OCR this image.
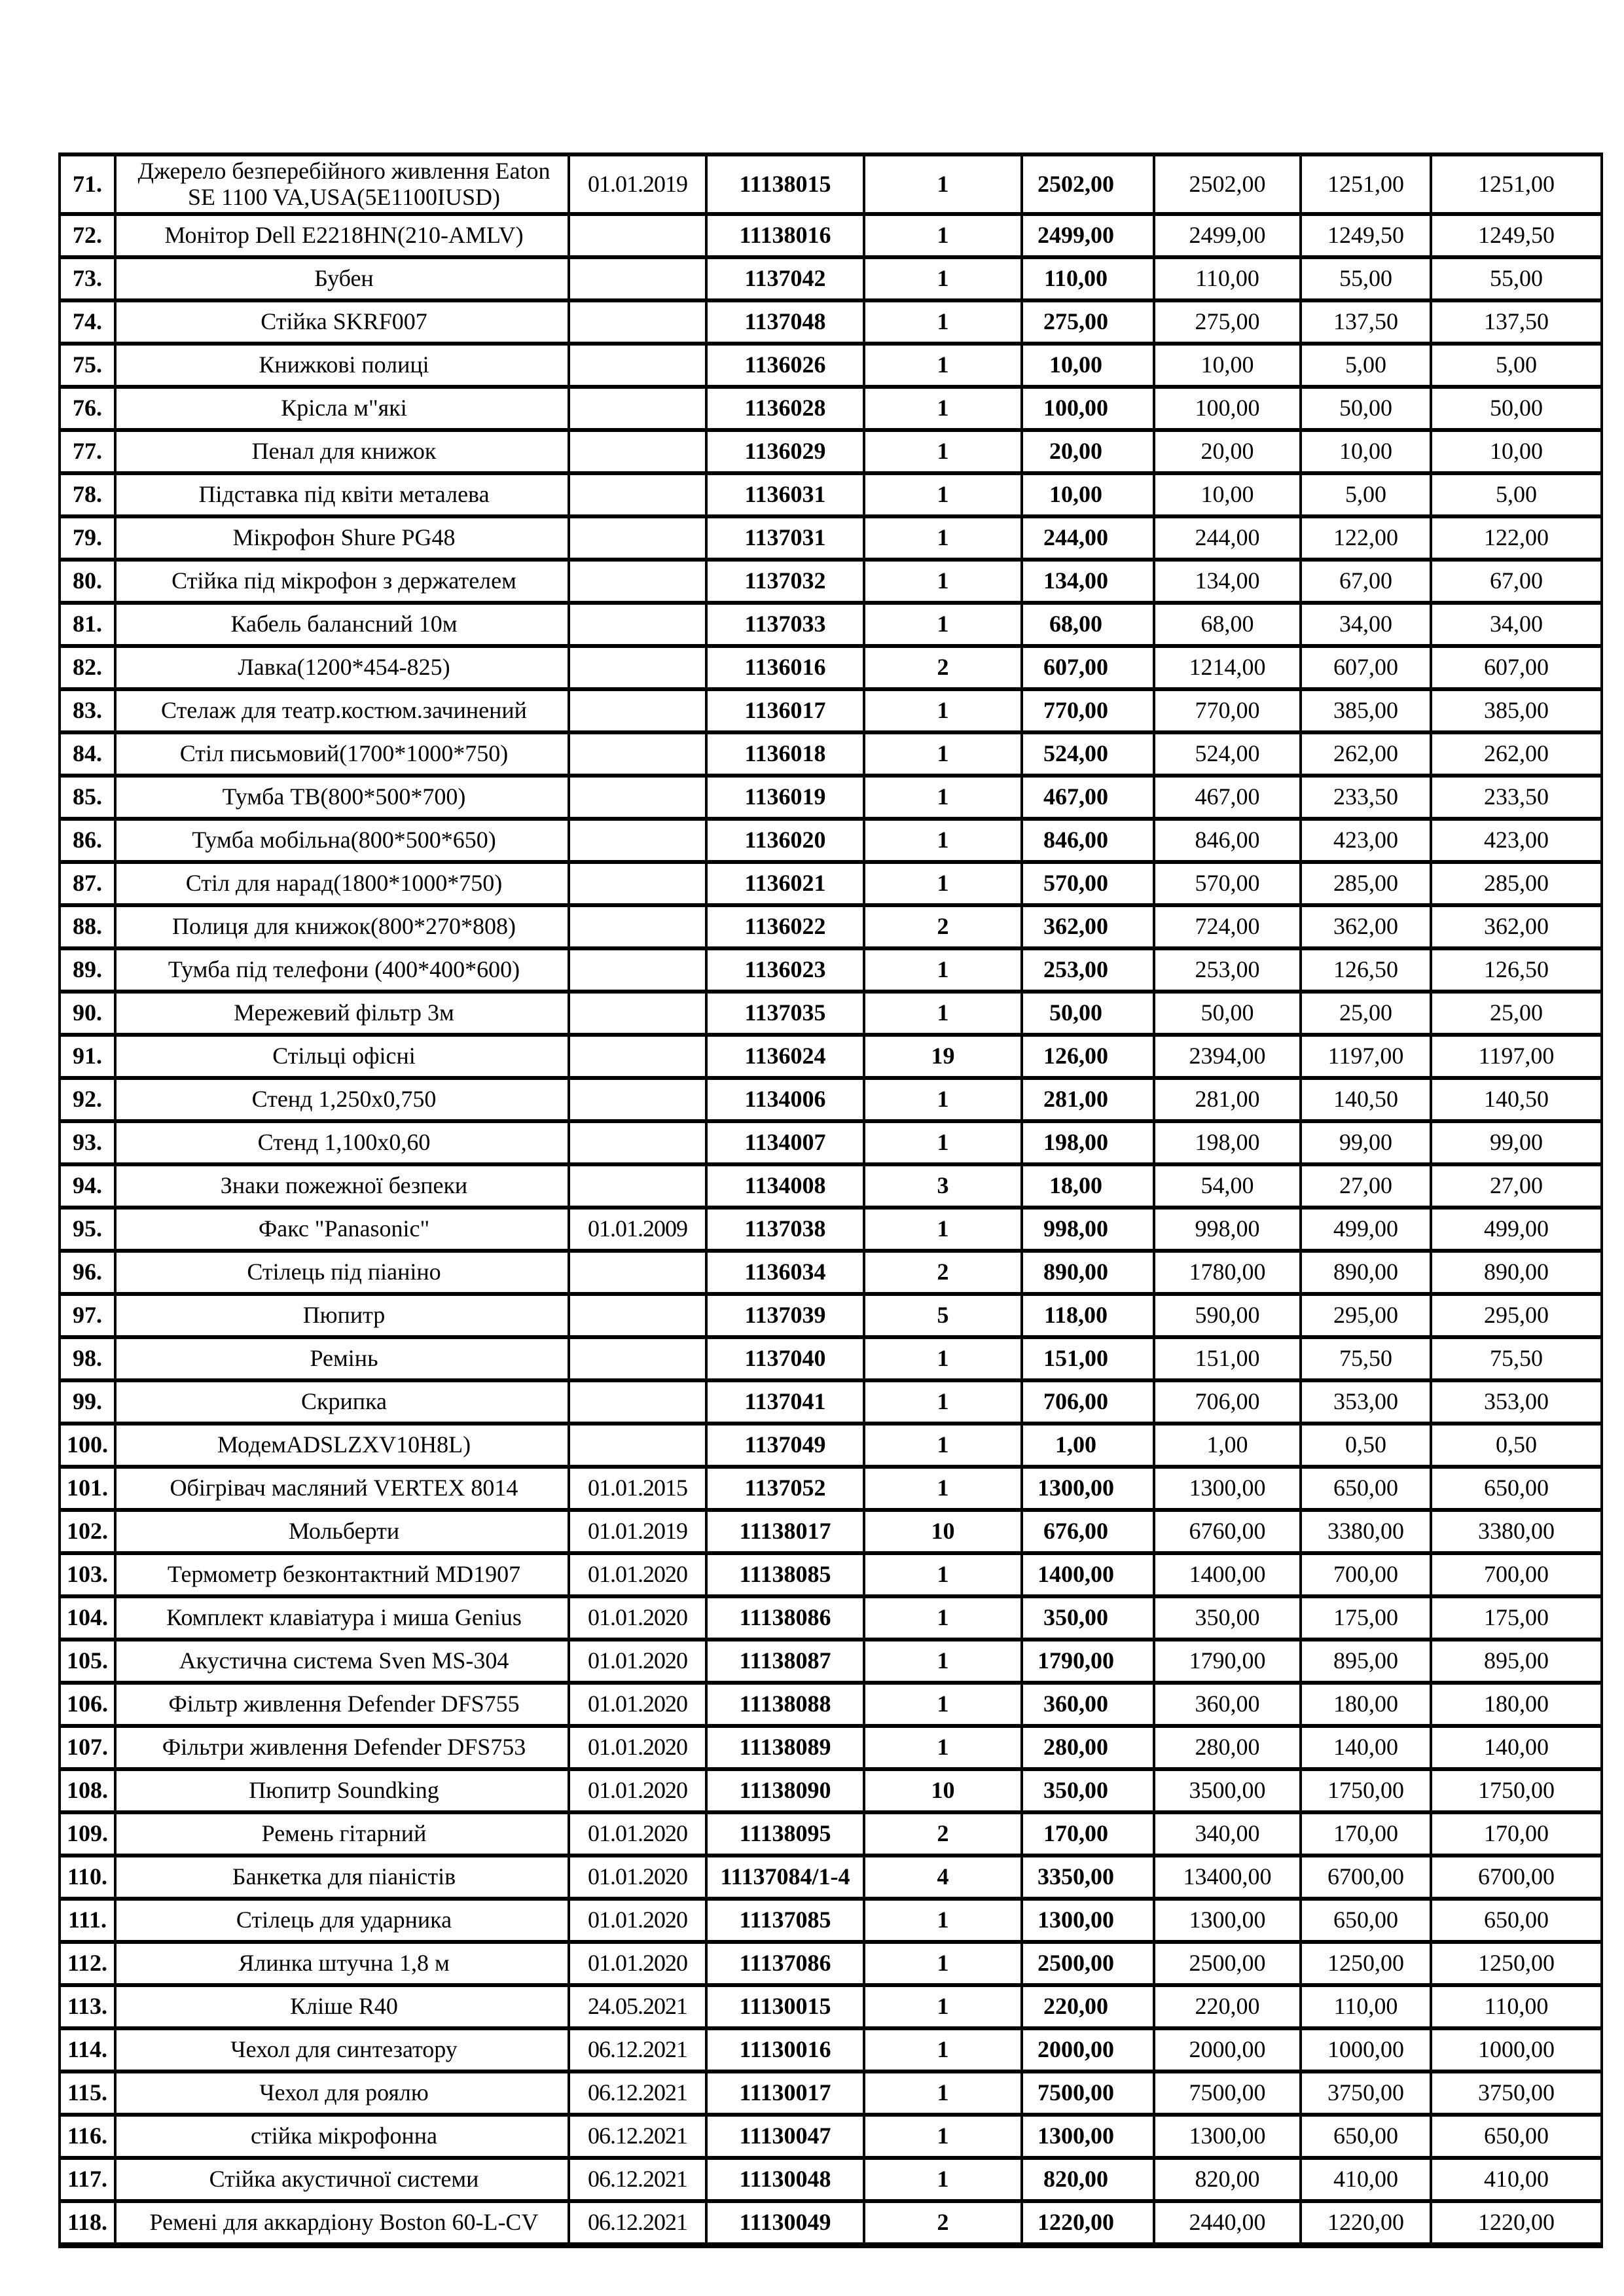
71.	Джерело безперебійного живлення Eaton SE 1100 VA,USA(5E1100IUSD)	01.01.2019	11138015	1	2502,00	2502,00	1251,00	1251,00
72.	Монітор Dell E2218HN(210-AMLV)		11138016	1	2499,00	2499,00	1249,50	1249,50
73.	Бубен		1137042	1	110,00	110,00	55,00	55,00
74.	Стійка SKRF007		1137048	1	275,00	275,00	137,50	137,50
75.	Книжкові полиці		1136026	1	10,00	10,00	5,00	5,00
76.	Крісла м"які		1136028	1	100,00	100,00	50,00	50,00
77.	Пенал для книжок		1136029	1	20,00	20,00	10,00	10,00
78.	Підставка під квіти металева		1136031	1	10,00	10,00	5,00	5,00
79.	Мікрофон Shure PG48		1137031	1	244,00	244,00	122,00	122,00
80.	Стійка під мікрофон з держателем		1137032	1	134,00	134,00	67,00	67,00
81.	Кабель балансний 10м		1137033	1	68,00	68,00	34,00	34,00
82.	Лавка(1200*454-825)		1136016	2	607,00	1214,00	607,00	607,00
83.	Стелаж для театр.костюм.зачинений		1136017	1	770,00	770,00	385,00	385,00
84.	Стіл письмовий(1700*1000*750)		1136018	1	524,00	524,00	262,00	262,00
85.	Тумба ТВ(800*500*700)		1136019	1	467,00	467,00	233,50	233,50
86.	Тумба мобільна(800*500*650)		1136020	1	846,00	846,00	423,00	423,00
87.	Стіл для нарад(1800*1000*750)		1136021	1	570,00	570,00	285,00	285,00
88.	Полиця для книжок(800*270*808)		1136022	2	362,00	724,00	362,00	362,00
89.	Тумба під телефони (400*400*600)		1136023	1	253,00	253,00	126,50	126,50
90.	Мережевий фільтр 3м		1137035	1	50,00	50,00	25,00	25,00
91.	Стільці офісні		1136024	19	126,00	2394,00	1197,00	1197,00
92.	Стенд 1,250х0,750		1134006	1	281,00	281,00	140,50	140,50
93.	Стенд 1,100х0,60		1134007	1	198,00	198,00	99,00	99,00
94.	Знаки пожежної безпеки		1134008	3	18,00	54,00	27,00	27,00
95.	Факс "Panasonic"	01.01.2009	1137038	1	998,00	998,00	499,00	499,00
96.	Стілець під піаніно		1136034	2	890,00	1780,00	890,00	890,00
97.	Пюпитр		1137039	5	118,00	590,00	295,00	295,00
98.	Ремінь		1137040	1	151,00	151,00	75,50	75,50
99.	Скрипка		1137041	1	706,00	706,00	353,00	353,00
100.	МодемADSLZXV10H8L)		1137049	1	1,00	1,00	0,50	0,50
101.	Обігрівач масляний VERTEX 8014	01.01.2015	1137052	1	1300,00	1300,00	650,00	650,00
102.	Мольберти	01.01.2019	11138017	10	676,00	6760,00	3380,00	3380,00
103.	Термометр безконтактний MD1907	01.01.2020	11138085	1	1400,00	1400,00	700,00	700,00
104.	Комплект клавіатура і миша Genius	01.01.2020	11138086	1	350,00	350,00	175,00	175,00
105.	Акустична система Sven MS-304	01.01.2020	11138087	1	1790,00	1790,00	895,00	895,00
106.	Фільтр живлення Defender DFS755	01.01.2020	11138088	1	360,00	360,00	180,00	180,00
107.	Фільтри живлення Defender DFS753	01.01.2020	11138089	1	280,00	280,00	140,00	140,00
108.	Пюпитр Soundking	01.01.2020	11138090	10	350,00	3500,00	1750,00	1750,00
109.	Ремень гітарний	01.01.2020	11138095	2	170,00	340,00	170,00	170,00
110.	Банкетка для піаністів	01.01.2020	11137084/1-4	4	3350,00	13400,00	6700,00	6700,00
111.	Стілець для ударника	01.01.2020	11137085	1	1300,00	1300,00	650,00	650,00
112.	Ялинка штучна 1,8 м	01.01.2020	11137086	1	2500,00	2500,00	1250,00	1250,00
113.	Кліше R40	24.05.2021	11130015	1	220,00	220,00	110,00	110,00
114.	Чехол для синтезатору	06.12.2021	11130016	1	2000,00	2000,00	1000,00	1000,00
115.	Чехол для роялю	06.12.2021	11130017	1	7500,00	7500,00	3750,00	3750,00
116.	стійка мікрофонна	06.12.2021	11130047	1	1300,00	1300,00	650,00	650,00
117.	Стійка акустичної системи	06.12.2021	11130048	1	820,00	820,00	410,00	410,00
118.	Ремені для аккардіону Boston 60-L-CV	06.12.2021	11130049	2	1220,00	2440,00	1220,00	1220,00
